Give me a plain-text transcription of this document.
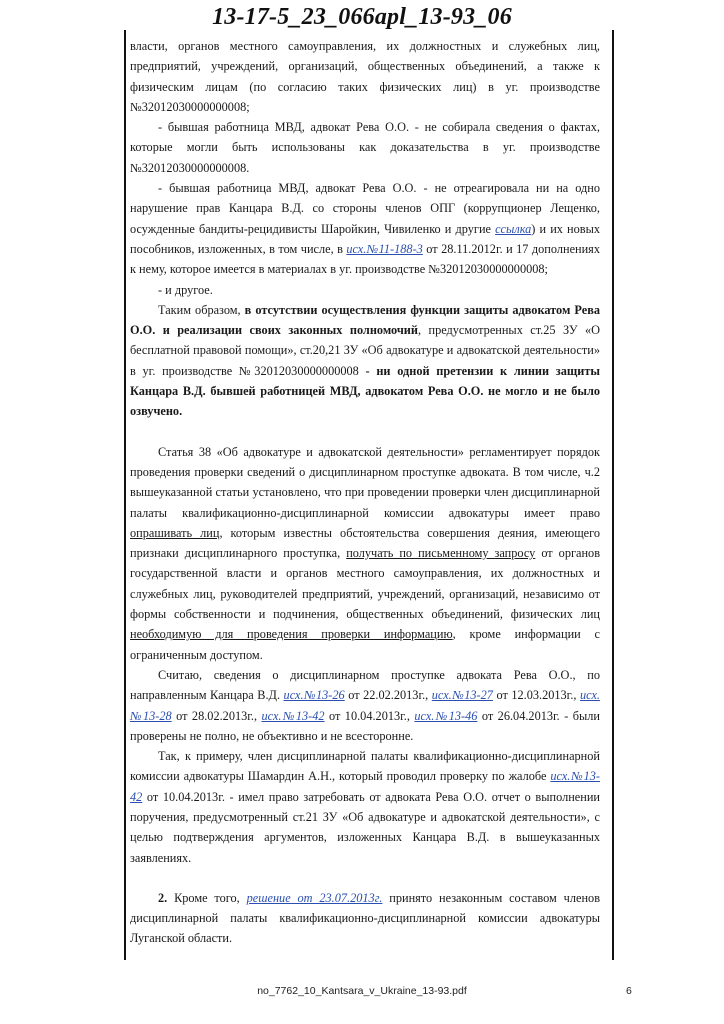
13-17-5_23_066apl_13-93_06

власти, органов местного самоуправления, их должностных и служебных лиц, предприятий, учреждений, организаций, общественных объединений, а также к физическим лицам (по согласию таких физических лиц) в уг. производстве №32012030000000008;

- бывшая работница МВД, адвокат Рева О.О. - не собирала сведения о фактах, которые могли быть использованы как доказательства в уг. производстве №32012030000000008.

- бывшая работница МВД, адвокат Рева О.О. - не отреагировала ни на одно нарушение прав Канцара В.Д. со стороны членов ОПГ (коррупционер Лещенко, осужденные бандиты-рецидивисты Шаройкин, Чивиленко и другие ссылка) и их новых пособников, изложенных, в том числе, в исх.№11-188-3 от 28.11.2012г. и 17 дополнениях к нему, которое имеется в материалах в уг. производстве №32012030000000008;

- и другое.

Таким образом, в отсутствии осуществления функции защиты адвокатом Рева О.О. и реализации своих законных полномочий, предусмотренных ст.25 ЗУ «О бесплатной правовой помощи», ст.20,21 ЗУ «Об адвокатуре и адвокатской деятельности» в уг. производстве №32012030000000008 - ни одной претензии к линии защиты Канцара В.Д. бывшей работницей МВД, адвокатом Рева О.О. не могло и не было озвучено.

Статья 38 «Об адвокатуре и адвокатской деятельности» регламентирует порядок проведения проверки сведений о дисциплинарном проступке адвоката. В том числе, ч.2 вышеуказанной статьи установлено, что при проведении проверки член дисциплинарной палаты квалификационно-дисциплинарной комиссии адвокатуры имеет право опрашивать лиц, которым известны обстоятельства совершения деяния, имеющего признаки дисциплинарного проступка, получать по письменному запросу от органов государственной власти и органов местного самоуправления, их должностных и служебных лиц, руководителей предприятий, учреждений, организаций, независимо от формы собственности и подчинения, общественных объединений, физических лиц необходимую для проведения проверки информацию, кроме информации с ограниченным доступом.

Считаю, сведения о дисциплинарном проступке адвоката Рева О.О., по направленным Канцара В.Д. исх.№13-26 от 22.02.2013г., исх.№13-27 от 12.03.2013г., исх.№13-28 от 28.02.2013г., исх.№13-42 от 10.04.2013г., исх.№13-46 от 26.04.2013г. - были проверены не полно, не объективно и не всесторонне.

Так, к примеру, член дисциплинарной палаты квалификационно-дисциплинарной комиссии адвокатуры Шамардин А.Н., который проводил проверку по жалобе исх.№13-42 от 10.04.2013г. - имел право затребовать от адвоката Рева О.О. отчет о выполнении поручения, предусмотренный ст.21 ЗУ «Об адвокатуре и адвокатской деятельности», с целью подтверждения аргументов, изложенных Канцара В.Д. в вышеуказанных заявлениях.

2. Кроме того, решение от 23.07.2013г. принято незаконным составом членов дисциплинарной палаты квалификационно-дисциплинарной комиссии адвокатуры Луганской области.

no_7762_10_Kantsara_v_Ukraine_13-93.pdf	6
